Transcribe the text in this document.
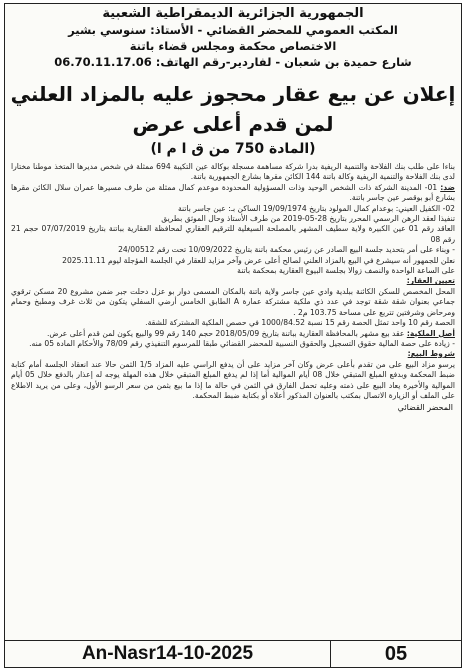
الجمهورية الجزائرية الديمقراطية الشعبية
المكتب العمومي للمحضر القضائي - الأستاذ: سنوسي بشير
الاختصاص محكمة ومجلس قضاء باتنة
شارع حميدة بن شعبان - لفاردير-رقم الهاتف: 06.70.11.17.06
إعلان عن بيع عقار محجوز عليه بالمزاد العلني
لمن قدم أعلى عرض
(المادة 750 من ق ا م ا)

بناءا على طلب بنك الفلاحة والتنمية الريفية بدرا شركة مساهمة مسجلة بوكالة عين التكيبة 694 ممثلة في شخص مديرها المتخذ موطنا مختارا لدى بنك الفلاحة والتنمية الريفية وكالة باتنة 144 الكائن مقرها بشارع الجمهورية باتنة.

ضد: 01- المدينة الشركة ذات الشخص الوحيد وذات المسؤولية المحدودة موعدم كمال ممثلة من طرف مسيرها عمران سلال الكائن مقرها بشارع أبو بوقصر عين جاسر باتنة.

02- الكفيل العيني: بوعدام كمال المولود بتاريخ 19/09/1974 الساكن بـ: عين جاسر باتنة

تنفيذا لعقد الرهن الرسمي المحرر بتاريخ 28-05-2019 من طرف الأستاذ وحال الموثق بطريق

العاقد رقم 01 عين الكبيرة ولاية سطيف المشهر بالمصلحة السيغلية للترقيم العقاري لمحافظة العقارية بباتنة بتاريخ 07/07/2019 حجم 21 رقم 08

- وبناء على أمر بتحديد جلسة البيع الصادر عن رئيس محكمة باتنة بتاريخ 10/09/2022 تحت رقم 24/00512

نعلن للجمهور أنه سيشرع في البيع بالمزاد العلني لصالح أعلى عرض وآخر مزايد للعقار في الجلسة المؤجلة ليوم 2025.11.11

على الساعة الواحدة والنصف زوالا بجلسة البيوع العقارية بمحكمة باتنة

تعيين العقار:

المحل المخصص للسكن الكائنة ببلدية وادي عين جاسر ولاية باتنة بالمكان المسمى دوار بو عزل دحلت جبر ضمن مشروع 20 مسكن ترقوي جماعي بعنوان شقة شقة توجد في عدد ذي ملكية مشتركة عمارة A الطابق الخامس أرضي السفلي يتكون من ثلاث غرف ومطبخ وحمام ومرحاض وشرفتين تتربع على مساحة 103.75 م2 .

الحصة رقم 10 واحد تمثل الحصة رقم 15 نسبة 1000/84.52 في حصص الملكية المشتركة للشقة.

أصل الملكية: عقد بيع مشهر بالمحافظة العقارية بباتنة بتاريخ 2018/05/09 حجم 140 رقم 99 والبيع يكون لمن قدم أعلى عرض.

- زيادة على حصة المالية حقوق التسجيل والحقوق النسبية للمحضر القضائي طبقا للمرسوم التنفيذي رقم 78/09 والأحكام المادة 05 منه.

شروط البيع:

يرسو مزاد البيع على من تقدم بأعلى عرض وكان آخر مزايد على أن يدفع الراسي عليه المزاد 1/5 الثمن حالا عند انعقاد الجلسة أمام كتابة ضبط المحكمة وبدفع المبلغ المتبقي خلال 08 أيام الموالية أما إذا لم يدفع المبلغ المتبقي خلال هذه المهلة يوجه له إعذار بالدفع خلال 05 أيام الموالية والأخيرة يعاد البيع على ذمته وعليه تحمل الفارق في الثمن في حالة ما إذا ما بيع بثمن من سعر الرسو الأول، وعلى من يريد الاطلاع على الملف أو الزيارة الاتصال بمكتب بالعنوان المذكور أعلاه أو بكتابة ضبط المحكمة.

المحضر القضائي
An-Nasr14-10-2025	05
